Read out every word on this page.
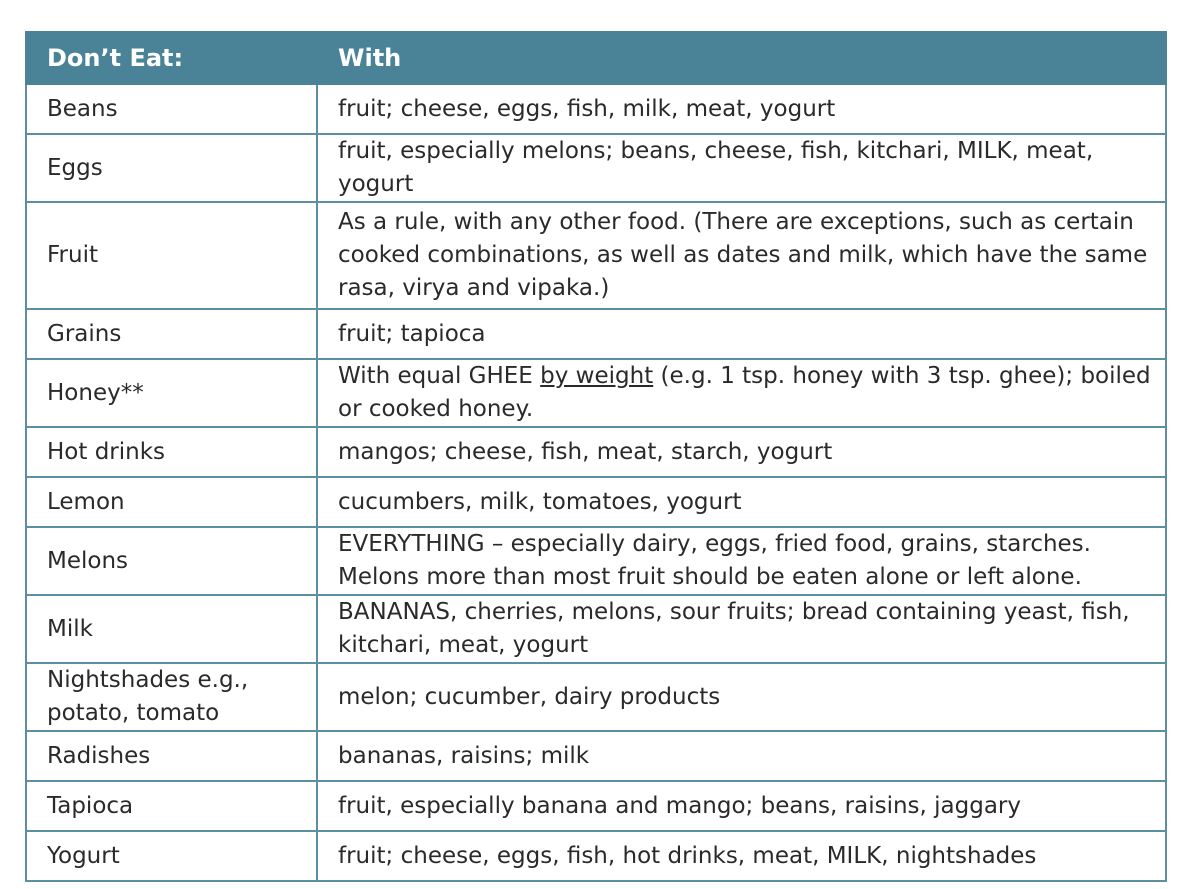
Don’t Eat:	With
Beans	fruit; cheese, eggs, fish, milk, meat, yogurt
Eggs	fruit, especially melons; beans, cheese, fish, kitchari, MILK, meat, yogurt
Fruit	As a rule, with any other food. (There are exceptions, such as certain cooked combinations, as well as dates and milk, which have the same rasa, virya and vipaka.)
Grains	fruit; tapioca
Honey**	With equal GHEE by weight (e.g. 1 tsp. honey with 3 tsp. ghee); boiled or cooked honey.
Hot drinks	mangos; cheese, fish, meat, starch, yogurt
Lemon	cucumbers, milk, tomatoes, yogurt
Melons	EVERYTHING – especially dairy, eggs, fried food, grains, starches. Melons more than most fruit should be eaten alone or left alone.
Milk	BANANAS, cherries, melons, sour fruits; bread containing yeast, fish, kitchari, meat, yogurt
Nightshades e.g., potato, tomato	melon; cucumber, dairy products
Radishes	bananas, raisins; milk
Tapioca	fruit, especially banana and mango; beans, raisins, jaggary
Yogurt	fruit; cheese, eggs, fish, hot drinks, meat, MILK, nightshades
